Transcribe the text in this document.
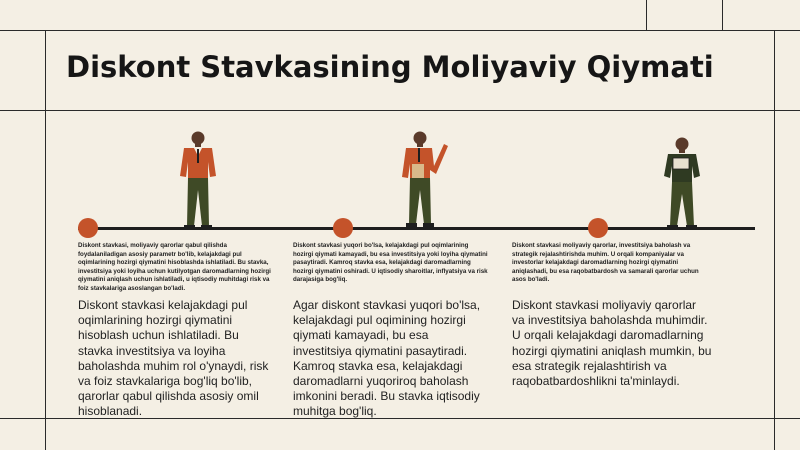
Diskont Stavkasining Moliyaviy Qiymati

Diskont stavkasi, moliyaviy qarorlar qabul qilishda foydalaniladigan asosiy parametr bo'lib, kelajakdagi pul oqimlarining hozirgi qiymatini hisoblashda ishlatiladi. Bu stavka, investitsiya yoki loyiha uchun kutilyotgan daromadlarning hozirgi qiymatini aniqlash uchun ishlatiladi, u iqtisodiy muhitdagi risk va foiz stavkalariga asoslangan bo'ladi.

Diskont stavkasi kelajakdagi pul oqimlarining hozirgi qiymatini hisoblash uchun ishlatiladi. Bu stavka investitsiya va loyiha baholashda muhim rol o'ynaydi, risk va foiz stavkalariga bog'liq bo'lib, qarorlar qabul qilishda asosiy omil hisoblanadi.

Diskont stavkasi yuqori bo'lsa, kelajakdagi pul oqimlarining hozirgi qiymati kamayadi, bu esa investitsiya yoki loyiha qiymatini pasaytiradi. Kamroq stavka esa, kelajakdagi daromadlarning hozirgi qiymatini oshiradi. U iqtisodiy sharoitlar, inflyatsiya va risk darajasiga bog'liq.

Agar diskont stavkasi yuqori bo'lsa, kelajakdagi pul oqimining hozirgi qiymati kamayadi, bu esa investitsiya qiymatini pasaytiradi. Kamroq stavka esa, kelajakdagi daromadlarni yuqoriroq baholash imkonini beradi. Bu stavka iqtisodiy muhitga bog'liq.

Diskont stavkasi moliyaviy qarorlar, investitsiya baholash va strategik rejalashtirishda muhim. U orqali kompaniyalar va investorlar kelajakdagi daromadlarning hozirgi qiymatini aniqlashadi, bu esa raqobatbardosh va samarali qarorlar uchun asos bo'ladi.

Diskont stavkasi moliyaviy qarorlar va investitsiya baholashda muhimdir. U orqali kelajakdagi daromadlarning hozirgi qiymatini aniqlash mumkin, bu esa strategik rejalashtirish va raqobatbardoshlikni ta'minlaydi.
